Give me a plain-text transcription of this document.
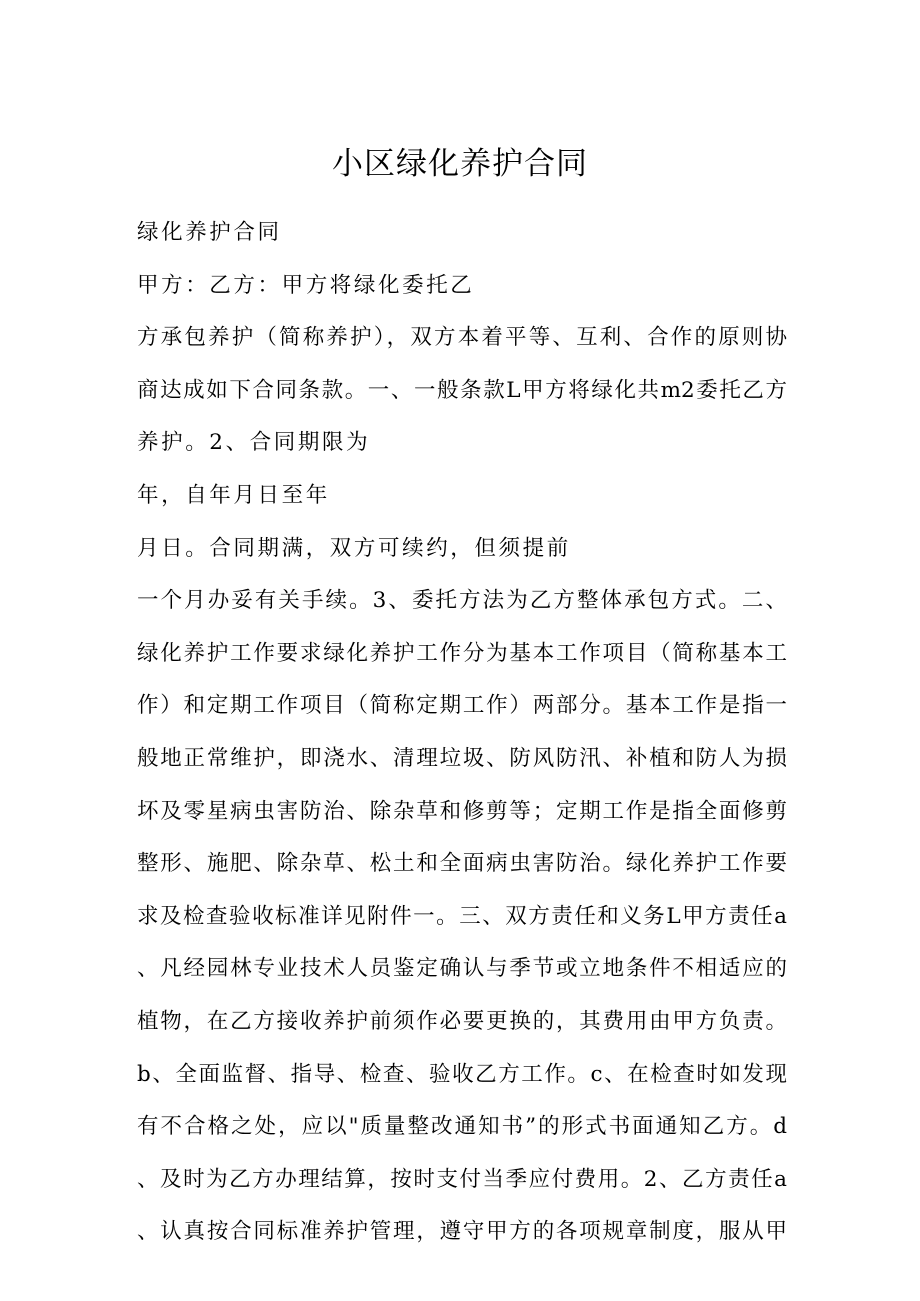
小区绿化养护合同
绿化养护合同
甲方：乙方：甲方将绿化委托乙
方承包养护（简称养护），双方本着平等、互利、合作的原则协
商达成如下合同条款。一、一般条款L甲方将绿化共m2委托乙方
养护。2、合同期限为
年，自年月日至年
月日。合同期满，双方可续约，但须提前
一个月办妥有关手续。3、委托方法为乙方整体承包方式。二、
绿化养护工作要求绿化养护工作分为基本工作项目（简称基本工
作）和定期工作项目（简称定期工作）两部分。基本工作是指一
般地正常维护，即浇水、清理垃圾、防风防汛、补植和防人为损
坏及零星病虫害防治、除杂草和修剪等；定期工作是指全面修剪
整形、施肥、除杂草、松土和全面病虫害防治。绿化养护工作要
求及检查验收标准详见附件一。三、双方责任和义务L甲方责任a
、凡经园林专业技术人员鉴定确认与季节或立地条件不相适应的
植物，在乙方接收养护前须作必要更换的，其费用由甲方负责。
b、全面监督、指导、检查、验收乙方工作。c、在检查时如发现
有不合格之处，应以"质量整改通知书”的形式书面通知乙方。d
、及时为乙方办理结算，按时支付当季应付费用。2、乙方责任a
、认真按合同标准养护管理，遵守甲方的各项规章制度，服从甲
